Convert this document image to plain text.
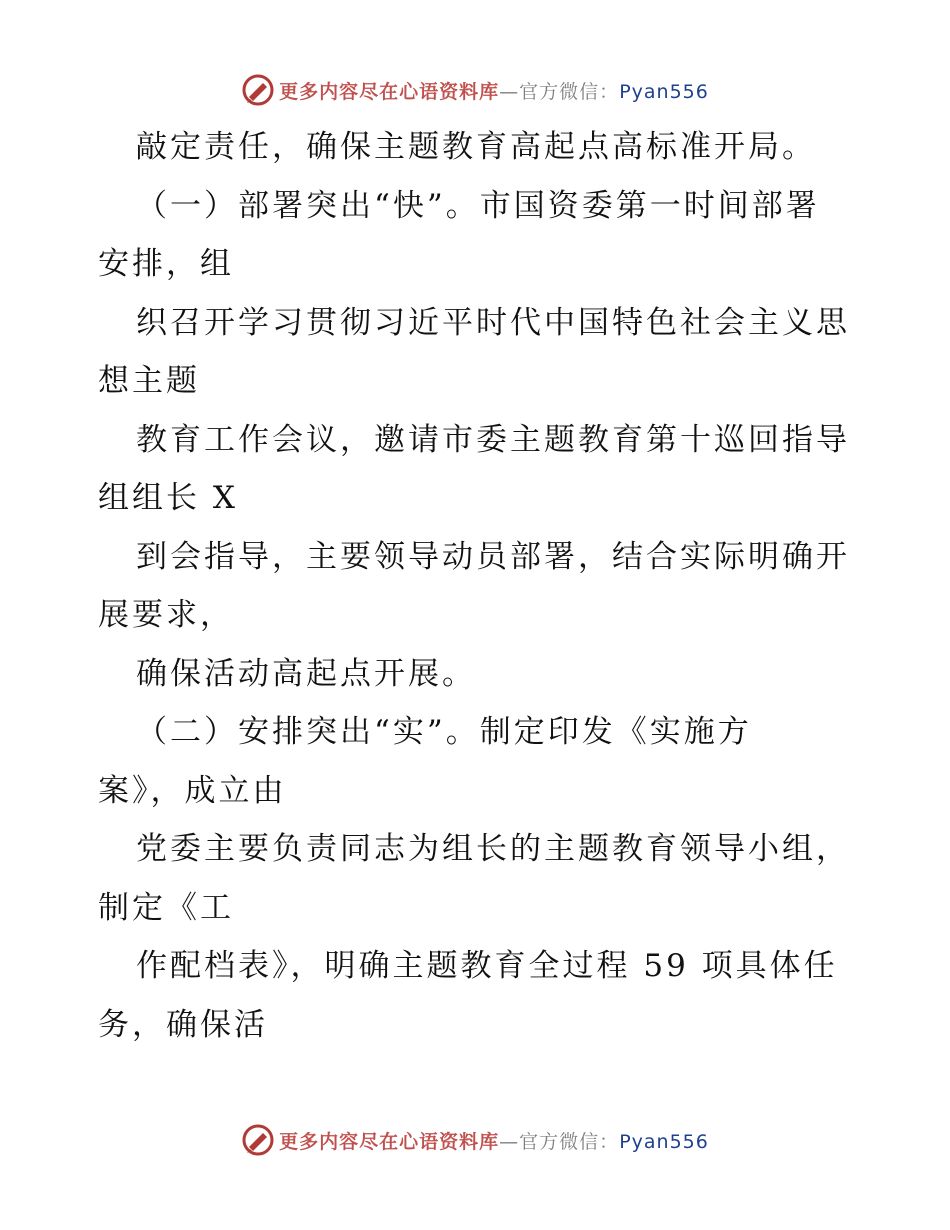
更多内容尽在心语资料库—官方微信：Pyan556
敲定责任，确保主题教育高起点高标准开局。
（一）部署突出“快”。市国资委第一时间部署
安排，组
织召开学习贯彻习近平时代中国特色社会主义思
想主题
教育工作会议，邀请市委主题教育第十巡回指导
组组长 X
到会指导，主要领导动员部署，结合实际明确开
展要求，
确保活动高起点开展。
（二）安排突出“实”。制定印发《实施方
案》，成立由
党委主要负责同志为组长的主题教育领导小组，
制定《工
作配档表》，明确主题教育全过程 59 项具体任
务，确保活
更多内容尽在心语资料库—官方微信：Pyan556
